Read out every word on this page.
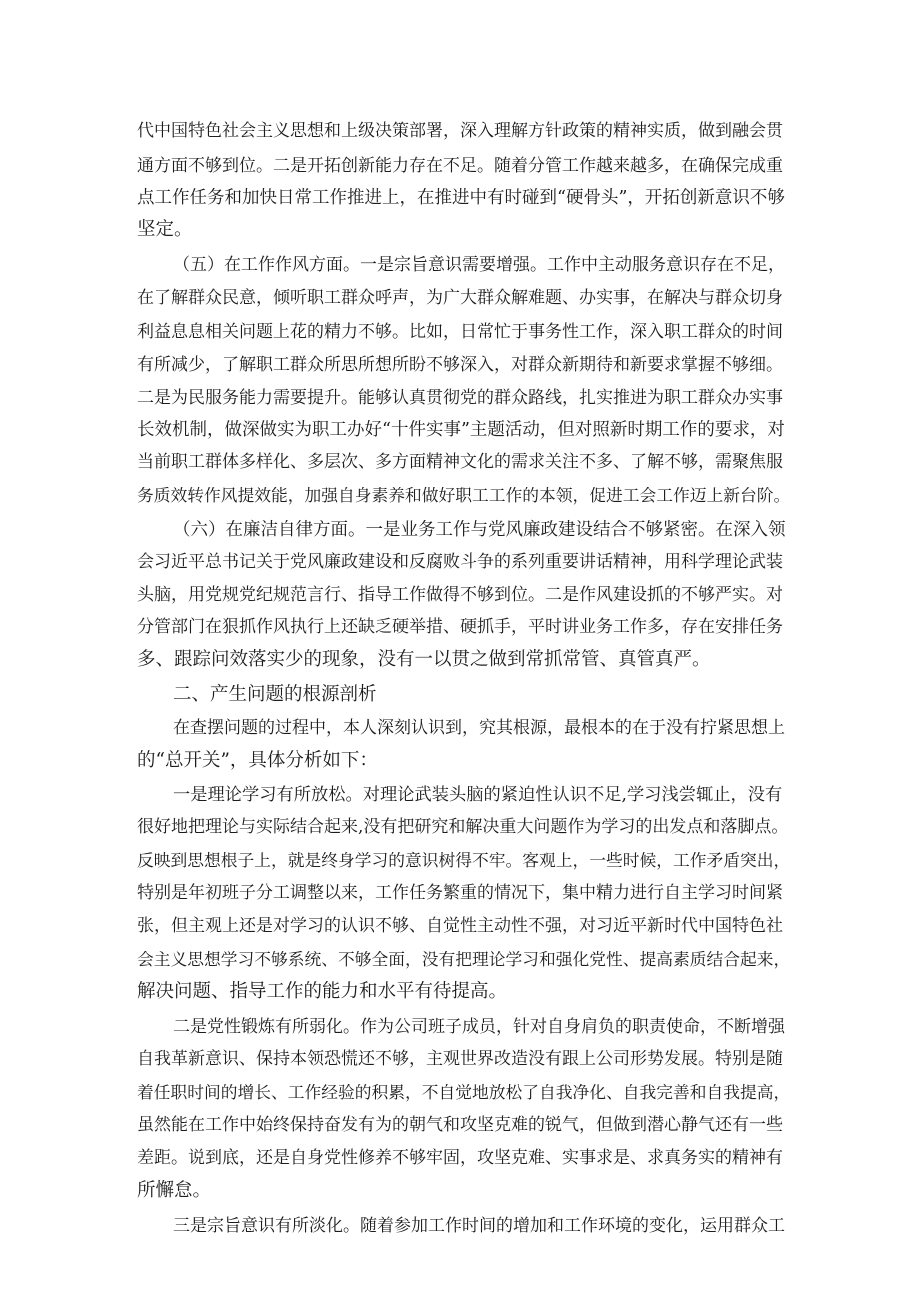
代中国特色社会主义思想和上级决策部署，深入理解方针政策的精神实质，做到融会贯

通方面不够到位。二是开拓创新能力存在不足。随着分管工作越来越多，在确保完成重

点工作任务和加快日常工作推进上，在推进中有时碰到“硬骨头”，开拓创新意识不够

坚定。

（五）在工作作风方面。一是宗旨意识需要增强。工作中主动服务意识存在不足，

在了解群众民意，倾听职工群众呼声，为广大群众解难题、办实事，在解决与群众切身

利益息息相关问题上花的精力不够。比如，日常忙于事务性工作，深入职工群众的时间

有所减少，了解职工群众所思所想所盼不够深入，对群众新期待和新要求掌握不够细。

二是为民服务能力需要提升。能够认真贯彻党的群众路线，扎实推进为职工群众办实事

长效机制，做深做实为职工办好“十件实事”主题活动，但对照新时期工作的要求，对

当前职工群体多样化、多层次、多方面精神文化的需求关注不多、了解不够，需聚焦服

务质效转作风提效能，加强自身素养和做好职工工作的本领，促进工会工作迈上新台阶。

（六）在廉洁自律方面。一是业务工作与党风廉政建设结合不够紧密。在深入领

会习近平总书记关于党风廉政建设和反腐败斗争的系列重要讲话精神，用科学理论武装

头脑，用党规党纪规范言行、指导工作做得不够到位。二是作风建设抓的不够严实。对

分管部门在狠抓作风执行上还缺乏硬举措、硬抓手，平时讲业务工作多，存在安排任务

多、跟踪问效落实少的现象，没有一以贯之做到常抓常管、真管真严。

二、产生问题的根源剖析

在查摆问题的过程中，本人深刻认识到，究其根源，最根本的在于没有拧紧思想上

的“总开关”，具体分析如下：

一是理论学习有所放松。对理论武装头脑的紧迫性认识不足,学习浅尝辄止，没有

很好地把理论与实际结合起来,没有把研究和解决重大问题作为学习的出发点和落脚点。

反映到思想根子上，就是终身学习的意识树得不牢。客观上，一些时候，工作矛盾突出，

特别是年初班子分工调整以来，工作任务繁重的情况下，集中精力进行自主学习时间紧

张，但主观上还是对学习的认识不够、自觉性主动性不强，对习近平新时代中国特色社

会主义思想学习不够系统、不够全面，没有把理论学习和强化党性、提高素质结合起来，

解决问题、指导工作的能力和水平有待提高。

二是党性锻炼有所弱化。作为公司班子成员，针对自身肩负的职责使命，不断增强

自我革新意识、保持本领恐慌还不够，主观世界改造没有跟上公司形势发展。特别是随

着任职时间的增长、工作经验的积累，不自觉地放松了自我净化、自我完善和自我提高，

虽然能在工作中始终保持奋发有为的朝气和攻坚克难的锐气，但做到潜心静气还有一些

差距。说到底，还是自身党性修养不够牢固，攻坚克难、实事求是、求真务实的精神有

所懈怠。

三是宗旨意识有所淡化。随着参加工作时间的增加和工作环境的变化，运用群众工
